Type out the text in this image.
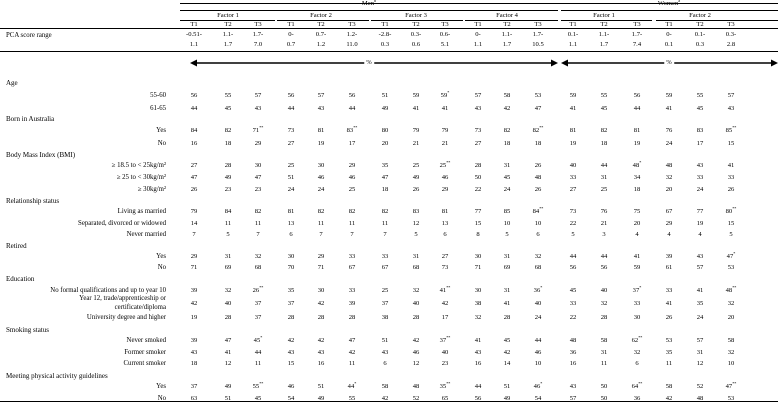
Men$^b$	Women$^a$
Factor 1	Factor 2	Factor 3	Factor 4	Factor 1	Factor 2
T1	T2	T3	T1	T2	T3	T1	T2	T3	T1	T2	T3	T1	T2	T3	T1	T2	T3
PCA score range	-0.51-	1.1-	1.7-	0-	0.7-	1.2-	-2.8-	0.3-	0.6-	0-	1.1-	1.7-	0.1-	1.1-	1.7-	0-	0.1-	0.3-
1.1	1.7	7.0	0.7	1.2	11.0	0.3	0.6	5.1	1.1	1.7	10.5	1.1	1.7	7.4	0.1	0.3	2.8
%	%
Age
55-60	56	55	57	56	57	56	51	59	59*	57	58	53	59	55	56	59	55	57
61-65	44	45	43	44	43	44	49	41	41	43	42	47	41	45	44	41	45	43
Born in Australia
Yes	84	82	71**	73	81	83**	80	79	79	73	82	82**	81	82	81	76	83	85**
No	16	18	29	27	19	17	20	21	21	27	18	18	19	18	19	24	17	15
Body Mass Index (BMI)
≥ 18.5 to < 25kg/m²	27	28	30	25	30	29	35	25	25**	28	31	26	40	44	48*	48	43	41
≥ 25 to < 30kg/m²	47	49	47	51	46	46	47	49	46	50	45	48	33	31	34	32	33	33
≥ 30kg/m²	26	23	23	24	24	25	18	26	29	22	24	26	27	25	18	20	24	26
Relationship status
Living as married	79	84	82	81	82	82	82	83	81	77	85	84**	73	76	75	67	77	80**
Separated, divorced or widowed	14	11	11	13	11	11	11	12	13	15	10	10	22	21	20	29	19	15
Never married	7	5	7	6	7	7	7	5	6	8	5	6	5	3	4	4	4	5
Retired
Yes	29	31	32	30	29	33	33	31	27	30	31	32	44	44	41	39	43	47*
No	71	69	68	70	71	67	67	68	73	71	69	68	56	56	59	61	57	53
Education
No formal qualifications and up to year 10	39	32	26**	35	30	33	25	32	41**	30	31	36*	45	40	37*	33	41	48**
Year 12, trade/apprenticeship or
certificate/diploma
42	40	37	37	42	39	37	40	42	38	41	40	33	32	33	41	35	32
University degree and higher	19	28	37	28	28	28	38	28	17	32	28	24	22	28	30	26	24	20
Smoking status
Never smoked	39	47	45*	42	42	47	51	42	37**	41	45	44	48	58	62**	53	57	58
Former smoker	43	41	44	43	43	42	43	46	40	43	42	46	36	31	32	35	31	32
Current smoker	18	12	11	15	16	11	6	12	23	16	14	10	16	11	6	11	12	10
Meeting physical activity guidelines
Yes	37	49	55**	46	51	44*	58	48	35**	44	51	46*	43	50	64**	58	52	47**
No	63	51	45	54	49	55	42	52	65	56	49	54	57	50	36	42	48	53
